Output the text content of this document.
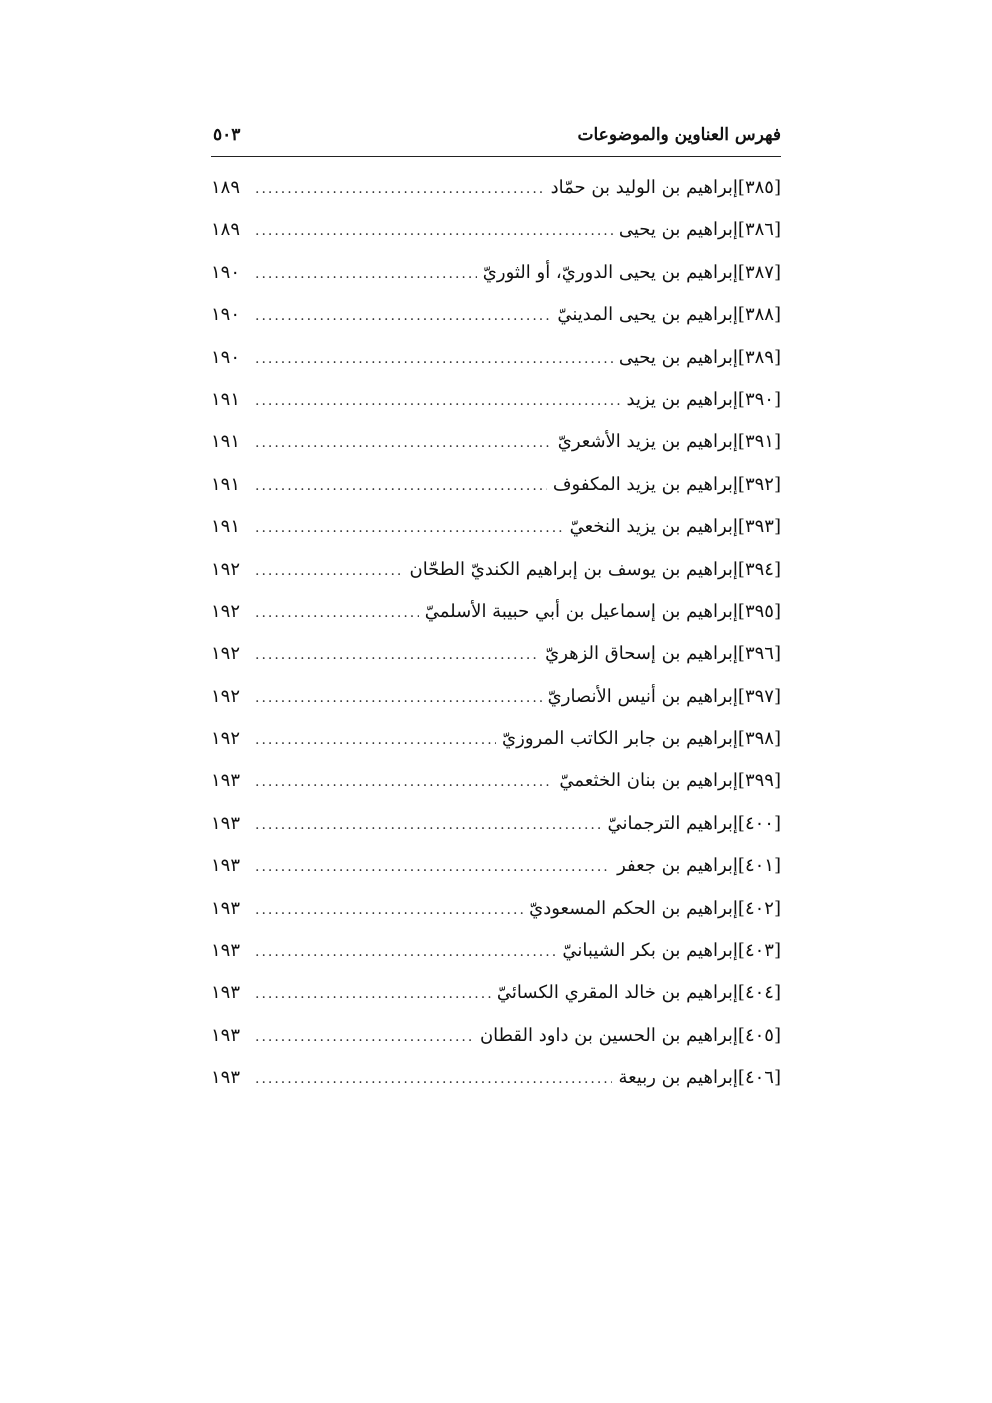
فهرس العناوين والموضوعات
٥٠٣
[٣٨٥]
إبراهيم بن الوليد بن حمّاد
.....
١٨٩
[٣٨٦]
إبراهيم بن يحيى
.....
١٨٩
[٣٨٧]
إبراهيم بن يحيى الدوريّ، أو الثوريّ
.....
١٩٠
[٣٨٨]
إبراهيم بن يحيى المدينيّ
.....
١٩٠
[٣٨٩]
إبراهيم بن يحيى
.....
١٩٠
[٣٩٠]
إبراهيم بن يزيد
.....
١٩١
[٣٩١]
إبراهيم بن يزيد الأشعريّ
.....
١٩١
[٣٩٢]
إبراهيم بن يزيد المكفوف
.....
١٩١
[٣٩٣]
إبراهيم بن يزيد النخعيّ
.....
١٩١
[٣٩٤]
إبراهيم بن يوسف بن إبراهيم الكنديّ الطحّان
.....
١٩٢
[٣٩٥]
إبراهيم بن إسماعيل بن أبي حبيبة الأسلميّ
.....
١٩٢
[٣٩٦]
إبراهيم بن إسحاق الزهريّ
.....
١٩٢
[٣٩٧]
إبراهيم بن أنيس الأنصاريّ
.....
١٩٢
[٣٩٨]
إبراهيم بن جابر الكاتب المروزيّ
.....
١٩٢
[٣٩٩]
إبراهيم بن بنان الخثعميّ
.....
١٩٣
[٤٠٠]
إبراهيم الترجمانيّ
.....
١٩٣
[٤٠١]
إبراهيم بن جعفر
.....
١٩٣
[٤٠٢]
إبراهيم بن الحكم المسعوديّ
.....
١٩٣
[٤٠٣]
إبراهيم بن بكر الشيبانيّ
.....
١٩٣
[٤٠٤]
إبراهيم بن خالد المقري الكسائيّ
.....
١٩٣
[٤٠٥]
إبراهيم بن الحسين بن داود القطان
.....
١٩٣
[٤٠٦]
إبراهيم بن ربيعة
.....
١٩٣
